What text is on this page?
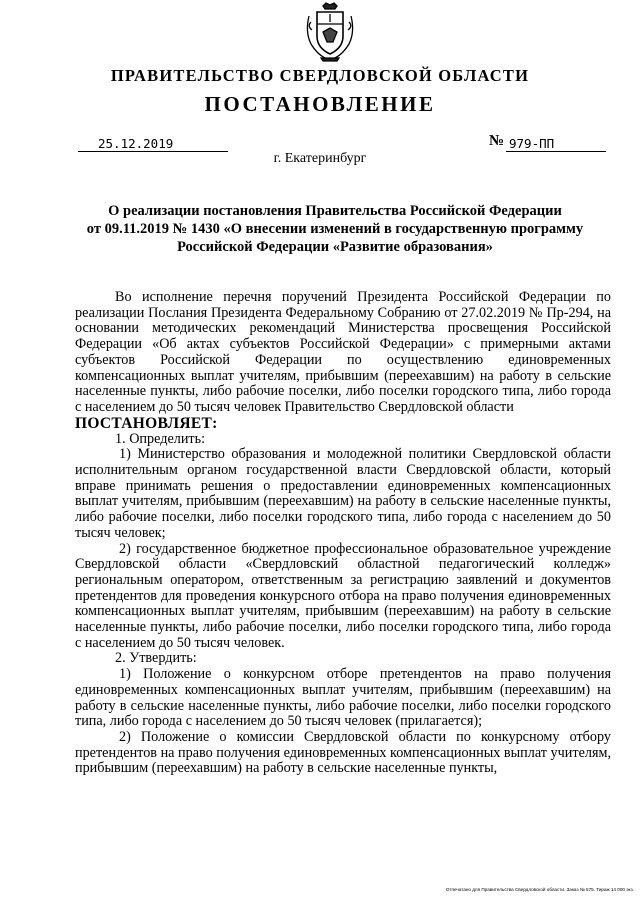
ПРАВИТЕЛЬСТВО СВЕРДЛОВСКОЙ ОБЛАСТИ
ПОСТАНОВЛЕНИЕ
25.12.2019	№ 979-ПП
г. Екатеринбург
О реализации постановления Правительства Российской Федерации
от 09.11.2019 № 1430 «О внесении изменений в государственную программу
Российской Федерации «Развитие образования»

Во исполнение перечня поручений Президента Российской Федерации по реализации Послания Президента Федеральному Собранию от 27.02.2019 № Пр-294, на основании методических рекомендаций Министерства просвещения Российской Федерации «Об актах субъектов Российской Федерации» с примерными актами субъектов Российской Федерации по осуществлению единовременных компенсационных выплат учителям, прибывшим (переехавшим) на работу в сельские населенные пункты, либо рабочие поселки, либо поселки городского типа, либо города с населением до 50 тысяч человек Правительство Свердловской области

ПОСТАНОВЛЯЕТ:

1. Определить:

1) Министерство образования и молодежной политики Свердловской области исполнительным органом государственной власти Свердловской области, который вправе принимать решения о предоставлении единовременных компенсационных выплат учителям, прибывшим (переехавшим) на работу в сельские населенные пункты, либо рабочие поселки, либо поселки городского типа, либо города с населением до 50 тысяч человек;

2) государственное бюджетное профессиональное образовательное учреждение Свердловской области «Свердловский областной педагогический колледж» региональным оператором, ответственным за регистрацию заявлений и документов претендентов для проведения конкурсного отбора на право получения единовременных компенсационных выплат учителям, прибывшим (переехавшим) на работу в сельские населенные пункты, либо рабочие поселки, либо поселки городского типа, либо города с населением до 50 тысяч человек.

2. Утвердить:

1) Положение о конкурсном отборе претендентов на право получения единовременных компенсационных выплат учителям, прибывшим (переехавшим) на работу в сельские населенные пункты, либо рабочие поселки, либо поселки городского типа, либо города с населением до 50 тысяч человек (прилагается);

2) Положение о комиссии Свердловской области по конкурсному отбору претендентов на право получения единовременных компенсационных выплат учителям, прибывшим (переехавшим) на работу в сельские населенные пункты,

Отпечатано для Правительства Свердловской области. Заказ № 575. Тираж 14 000 экз.
